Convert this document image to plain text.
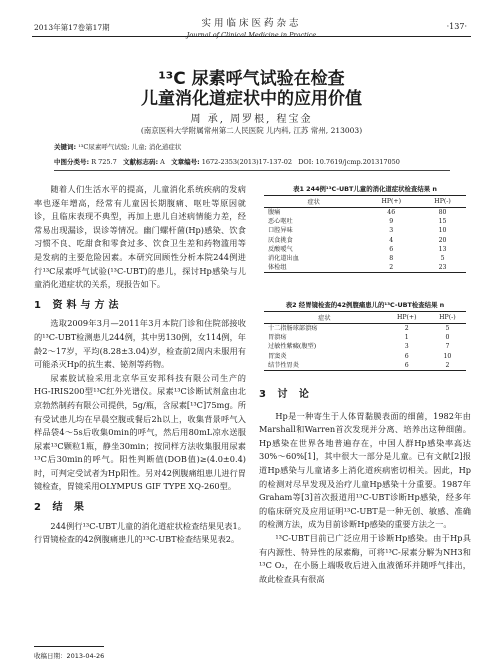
2013年第17卷第17期	实用临床医药杂志
Journal of Clinical Medicine in Practice
·137·
¹³C 尿素呼气试验在检查
儿童消化道症状中的应用价值
周 承, 周罗根, 程宝金
(南京医科大学附属常州第二人民医院 儿内科, 江苏 常州, 213003)
关键词: ¹³C尿素呼气试验; 儿童; 消化道症状
中图分类号: R 725.7 文献标志码: A 文章编号: 1672-2353(2013)17-137-02 DOI: 10.7619/jcmp.201317050

随着人们生活水平的提高，儿童消化系统疾病的发病率也逐年增高，经常有儿童因长期腹痛、呕吐等原因就诊，且临床表现不典型，再加上患儿自述病情能力差，经常易出现漏诊，误诊等情况。幽门螺杆菌(Hp)感染、饮食习惯不良、吃甜食和零食过多、饮食卫生差和药物滥用等是发病的主要危险因素。本研究回顾性分析本院244例进行¹³C尿素呼气试验(¹³C-UBT)的患儿，探讨Hp感染与儿童消化道症状的关系，现报告如下。

1 资料与方法

选取2009年3月—2011年3月本院门诊和住院部接收的¹³C-UBT检测患儿244例，其中男130例，女114例，年龄2～17岁，平均(8.28±3.04)岁，检查前2周内未服用有可能杀灭Hp的抗生素、铋剂等药物。

尿素胶试验采用北京华亘安邦科技有限公司生产的HG-IRIS200型¹³C红外光谱仪。尿素¹³C诊断试剂盒由北京勃然制药有限公司提供，5g/瓶，含尿素[¹³C]75mg。所有受试患儿均在早晨空腹或餐后2h以上，收集背景呼气入样品袋4～5s后收集0min的呼气，然后用80mL凉水送服尿素¹³C颗粒1瓶，静坐30min；按同样方法收集服用尿素¹³C后30min的呼气。阳性判断值(DOB值)≥(4.0±0.4)时，可判定受试者为Hp阳性。另对42例腹痛组患儿进行胃镜检查，胃镜采用OLYMPUS GIF TYPE XQ-260型。

2 结 果

244例行¹³C-UBT儿童的消化道症状检查结果见表1。行胃镜检查的42例腹痛患儿的¹³C-UBT检查结果见表2。

表1 244例¹³C-UBT儿童的消化道症状检查结果 n
症状	HP(+)	HP(-)
腹痛	46	80
恶心呕吐	9	15
口腔异味	3	10
厌食挑食	4	20
反酸嗳气	6	13
消化道出血	8	5
体检组	2	23
表2 经胃镜检查的42例腹痛患儿的¹³C-UBT检查结果 n
症状	HP(+)	HP(-)
十二指肠球部溃疡	2	5
胃溃疡	1	0
过敏性紫癜(腹型)	3	7
胃窦炎	6	10
结节性胃炎	6	2
3 讨 论

Hp是一种寄生于人体胃黏膜表面的细菌，1982年由Marshall和Warren首次发现并分离、培养出这种细菌。Hp感染在世界各地普遍存在，中国人群Hp感染率高达30%～60%[1]，其中很大一部分是儿童。已有文献[2]报道Hp感染与儿童诸多上消化道疾病密切相关。因此，Hp的检测对尽早发现及治疗儿童Hp感染十分重要。1987年Graham等[3]首次报道用¹³C-UBT诊断Hp感染，经多年的临床研究及应用证明¹³C-UBT是一种无创、敏感、准确的检测方法，成为目前诊断Hp感染的重要方法之一。

¹³C-UBT目前已广泛应用于诊断Hp感染。由于Hp具有内源性、特异性的尿素酶，可将¹³C-尿素分解为NH3和¹³C O₂，在小肠上端吸收后进入血液循环并随呼气排出，故此检查具有很高

收稿日期：2013-04-26
